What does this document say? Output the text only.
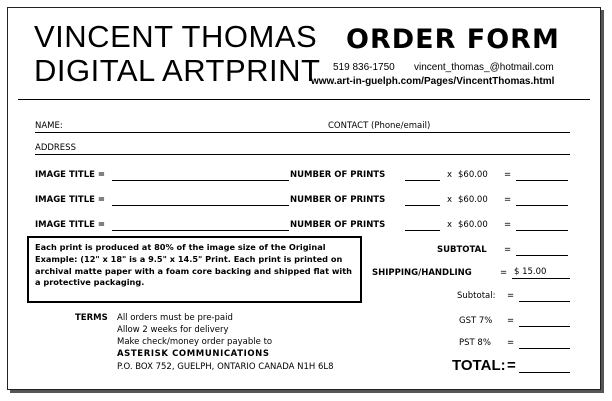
VINCENT THOMAS
DIGITAL ARTPRINT
ORDER FORM
519 836-1750 vincent_thomas_@hotmail.com
www.art-in-guelph.com/Pages/VincentThomas.html
NAME:	CONTACT (Phone/email)
ADDRESS
IMAGE TITLE =	NUMBER OF PRINTS	x $60.00 =
IMAGE TITLE =	NUMBER OF PRINTS	x $60.00 =
IMAGE TITLE =	NUMBER OF PRINTS	x $60.00 =
Each print is produced at 80% of the image size of the Original Example: (12" x 18" is a 9.5" x 14.5" Print. Each print is printed on archival matte paper with a foam core backing and shipped flat with a protective packaging.
SUBTOTAL =
SHIPPING/HANDLING	= $ 15.00
Subtotal: =
GST 7% =
PST 8% =
TOTAL: =
TERMS All orders must be pre-paid
Allow 2 weeks for delivery
Make check/money order payable to
ASTERISK COMMUNICATIONS
P.O. BOX 752, GUELPH, ONTARIO CANADA N1H 6L8
